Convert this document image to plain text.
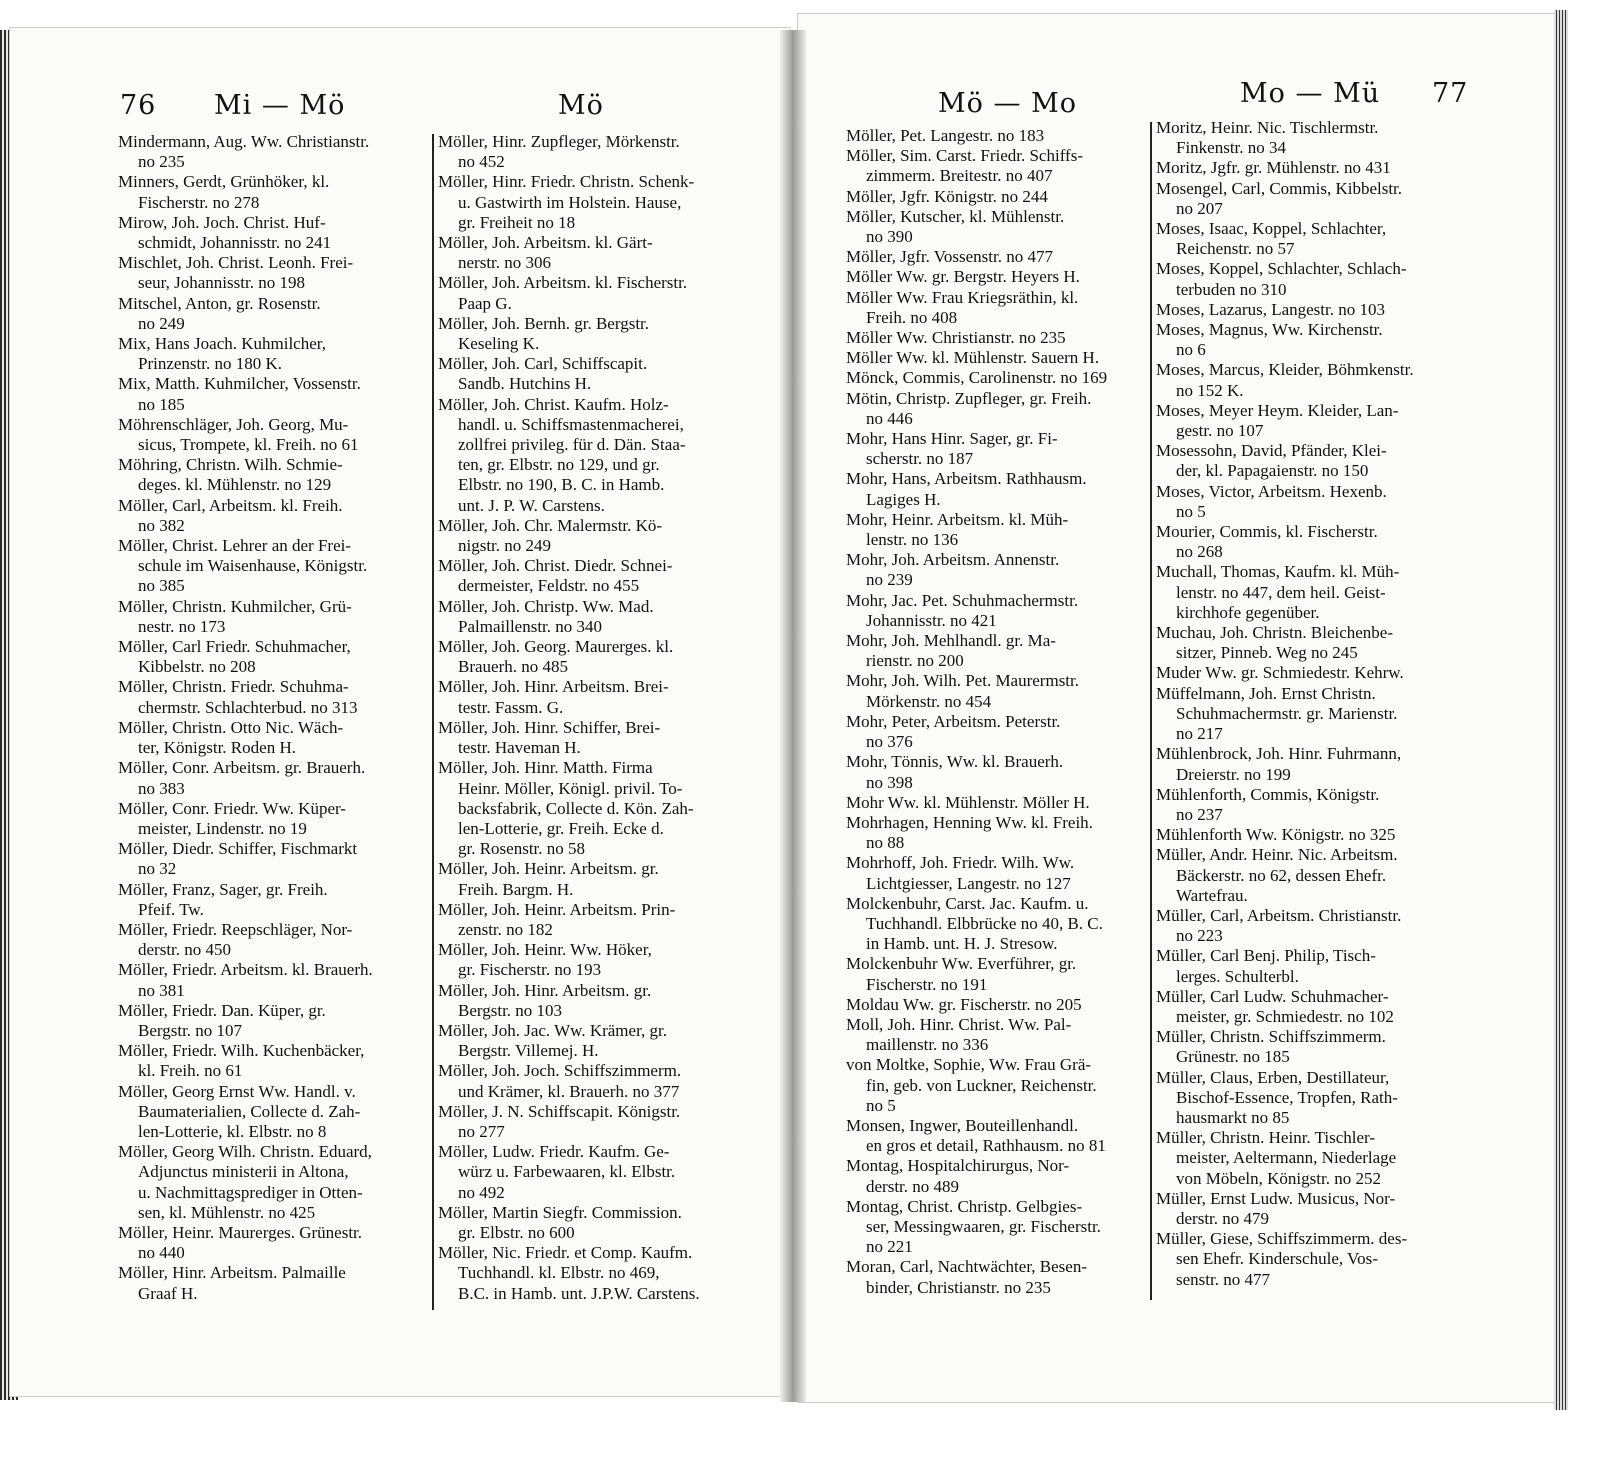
76 Mi — Mö	Mö	Mö — Mo	Mo — Mü 77
Mindermann, Aug. Ww. Christianstr.
no 235
Minners, Gerdt, Grünhöker, kl.
Fischerstr. no 278
Mirow, Joh. Joch. Christ. Huf-
schmidt, Johannisstr. no 241
Mischlet, Joh. Christ. Leonh. Frei-
seur, Johannisstr. no 198
Mitschel, Anton, gr. Rosenstr.
no 249
Mix, Hans Joach. Kuhmilcher,
Prinzenstr. no 180 K.
Mix, Matth. Kuhmilcher, Vossenstr.
no 185
Möhrenschläger, Joh. Georg, Mu-
sicus, Trompete, kl. Freih. no 61
Möhring, Christn. Wilh. Schmie-
deges. kl. Mühlenstr. no 129
Möller, Carl, Arbeitsm. kl. Freih.
no 382
Möller, Christ. Lehrer an der Frei-
schule im Waisenhause, Königstr.
no 385
Möller, Christn. Kuhmilcher, Grü-
nestr. no 173
Möller, Carl Friedr. Schuhmacher,
Kibbelstr. no 208
Möller, Christn. Friedr. Schuhma-
chermstr. Schlachterbud. no 313
Möller, Christn. Otto Nic. Wäch-
ter, Königstr. Roden H.
Möller, Conr. Arbeitsm. gr. Brauerh.
no 383
Möller, Conr. Friedr. Ww. Küper-
meister, Lindenstr. no 19
Möller, Diedr. Schiffer, Fischmarkt
no 32
Möller, Franz, Sager, gr. Freih.
Pfeif. Tw.
Möller, Friedr. Reepschläger, Nor-
derstr. no 450
Möller, Friedr. Arbeitsm. kl. Brauerh.
no 381
Möller, Friedr. Dan. Küper, gr.
Bergstr. no 107
Möller, Friedr. Wilh. Kuchenbäcker,
kl. Freih. no 61
Möller, Georg Ernst Ww. Handl. v.
Baumaterialien, Collecte d. Zah-
len-Lotterie, kl. Elbstr. no 8
Möller, Georg Wilh. Christn. Eduard,
Adjunctus ministerii in Altona,
u. Nachmittagsprediger in Otten-
sen, kl. Mühlenstr. no 425
Möller, Heinr. Maurerges. Grünestr.
no 440
Möller, Hinr. Arbeitsm. Palmaille
Graaf H.
Möller, Hinr. Zupfleger, Mörkenstr.
no 452
Möller, Hinr. Friedr. Christn. Schenk-
u. Gastwirth im Holstein. Hause,
gr. Freiheit no 18
Möller, Joh. Arbeitsm. kl. Gärt-
nerstr. no 306
Möller, Joh. Arbeitsm. kl. Fischerstr.
Paap G.
Möller, Joh. Bernh. gr. Bergstr.
Keseling K.
Möller, Joh. Carl, Schiffscapit.
Sandb. Hutchins H.
Möller, Joh. Christ. Kaufm. Holz-
handl. u. Schiffsmastenmacherei,
zollfrei privileg. für d. Dän. Staa-
ten, gr. Elbstr. no 129, und gr.
Elbstr. no 190, B. C. in Hamb.
unt. J. P. W. Carstens.
Möller, Joh. Chr. Malermstr. Kö-
nigstr. no 249
Möller, Joh. Christ. Diedr. Schnei-
dermeister, Feldstr. no 455
Möller, Joh. Christp. Ww. Mad.
Palmaillenstr. no 340
Möller, Joh. Georg. Maurerges. kl.
Brauerh. no 485
Möller, Joh. Hinr. Arbeitsm. Brei-
testr. Fassm. G.
Möller, Joh. Hinr. Schiffer, Brei-
testr. Haveman H.
Möller, Joh. Hinr. Matth. Firma
Heinr. Möller, Königl. privil. To-
backsfabrik, Collecte d. Kön. Zah-
len-Lotterie, gr. Freih. Ecke d.
gr. Rosenstr. no 58
Möller, Joh. Heinr. Arbeitsm. gr.
Freih. Bargm. H.
Möller, Joh. Heinr. Arbeitsm. Prin-
zenstr. no 182
Möller, Joh. Heinr. Ww. Höker,
gr. Fischerstr. no 193
Möller, Joh. Hinr. Arbeitsm. gr.
Bergstr. no 103
Möller, Joh. Jac. Ww. Krämer, gr.
Bergstr. Villemej. H.
Möller, Joh. Joch. Schiffszimmerm.
und Krämer, kl. Brauerh. no 377
Möller, J. N. Schiffscapit. Königstr.
no 277
Möller, Ludw. Friedr. Kaufm. Ge-
würz u. Farbewaaren, kl. Elbstr.
no 492
Möller, Martin Siegfr. Commission.
gr. Elbstr. no 600
Möller, Nic. Friedr. et Comp. Kaufm.
Tuchhandl. kl. Elbstr. no 469,
B.C. in Hamb. unt. J.P.W. Carstens.
Möller, Pet. Langestr. no 183
Möller, Sim. Carst. Friedr. Schiffs-
zimmerm. Breitestr. no 407
Möller, Jgfr. Königstr. no 244
Möller, Kutscher, kl. Mühlenstr.
no 390
Möller, Jgfr. Vossenstr. no 477
Möller Ww. gr. Bergstr. Heyers H.
Möller Ww. Frau Kriegsräthin, kl.
Freih. no 408
Möller Ww. Christianstr. no 235
Möller Ww. kl. Mühlenstr. Sauern H.
Mönck, Commis, Carolinenstr. no 169
Mötin, Christp. Zupfleger, gr. Freih.
no 446
Mohr, Hans Hinr. Sager, gr. Fi-
scherstr. no 187
Mohr, Hans, Arbeitsm. Rathhausm.
Lagiges H.
Mohr, Heinr. Arbeitsm. kl. Müh-
lenstr. no 136
Mohr, Joh. Arbeitsm. Annenstr.
no 239
Mohr, Jac. Pet. Schuhmachermstr.
Johannisstr. no 421
Mohr, Joh. Mehlhandl. gr. Ma-
rienstr. no 200
Mohr, Joh. Wilh. Pet. Maurermstr.
Mörkenstr. no 454
Mohr, Peter, Arbeitsm. Peterstr.
no 376
Mohr, Tönnis, Ww. kl. Brauerh.
no 398
Mohr Ww. kl. Mühlenstr. Möller H.
Mohrhagen, Henning Ww. kl. Freih.
no 88
Mohrhoff, Joh. Friedr. Wilh. Ww.
Lichtgiesser, Langestr. no 127
Molckenbuhr, Carst. Jac. Kaufm. u.
Tuchhandl. Elbbrücke no 40, B. C.
in Hamb. unt. H. J. Stresow.
Molckenbuhr Ww. Everführer, gr.
Fischerstr. no 191
Moldau Ww. gr. Fischerstr. no 205
Moll, Joh. Hinr. Christ. Ww. Pal-
maillenstr. no 336
von Moltke, Sophie, Ww. Frau Grä-
fin, geb. von Luckner, Reichenstr.
no 5
Monsen, Ingwer, Bouteillenhandl.
en gros et detail, Rathhausm. no 81
Montag, Hospitalchirurgus, Nor-
derstr. no 489
Montag, Christ. Christp. Gelbgies-
ser, Messingwaaren, gr. Fischerstr.
no 221
Moran, Carl, Nachtwächter, Besen-
binder, Christianstr. no 235
Moritz, Heinr. Nic. Tischlermstr.
Finkenstr. no 34
Moritz, Jgfr. gr. Mühlenstr. no 431
Mosengel, Carl, Commis, Kibbelstr.
no 207
Moses, Isaac, Koppel, Schlachter,
Reichenstr. no 57
Moses, Koppel, Schlachter, Schlach-
terbuden no 310
Moses, Lazarus, Langestr. no 103
Moses, Magnus, Ww. Kirchenstr.
no 6
Moses, Marcus, Kleider, Böhmkenstr.
no 152 K.
Moses, Meyer Heym. Kleider, Lan-
gestr. no 107
Mosessohn, David, Pfänder, Klei-
der, kl. Papagaienstr. no 150
Moses, Victor, Arbeitsm. Hexenb.
no 5
Mourier, Commis, kl. Fischerstr.
no 268
Muchall, Thomas, Kaufm. kl. Müh-
lenstr. no 447, dem heil. Geist-
kirchhofe gegenüber.
Muchau, Joh. Christn. Bleichenbe-
sitzer, Pinneb. Weg no 245
Muder Ww. gr. Schmiedestr. Kehrw.
Müffelmann, Joh. Ernst Christn.
Schuhmachermstr. gr. Marienstr.
no 217
Mühlenbrock, Joh. Hinr. Fuhrmann,
Dreierstr. no 199
Mühlenforth, Commis, Königstr.
no 237
Mühlenforth Ww. Königstr. no 325
Müller, Andr. Heinr. Nic. Arbeitsm.
Bäckerstr. no 62, dessen Ehefr.
Wartefrau.
Müller, Carl, Arbeitsm. Christianstr.
no 223
Müller, Carl Benj. Philip, Tisch-
lerges. Schulterbl.
Müller, Carl Ludw. Schuhmacher-
meister, gr. Schmiedestr. no 102
Müller, Christn. Schiffszimmerm.
Grünestr. no 185
Müller, Claus, Erben, Destillateur,
Bischof-Essence, Tropfen, Rath-
hausmarkt no 85
Müller, Christn. Heinr. Tischler-
meister, Aeltermann, Niederlage
von Möbeln, Königstr. no 252
Müller, Ernst Ludw. Musicus, Nor-
derstr. no 479
Müller, Giese, Schiffszimmerm. des-
sen Ehefr. Kinderschule, Vos-
senstr. no 477
